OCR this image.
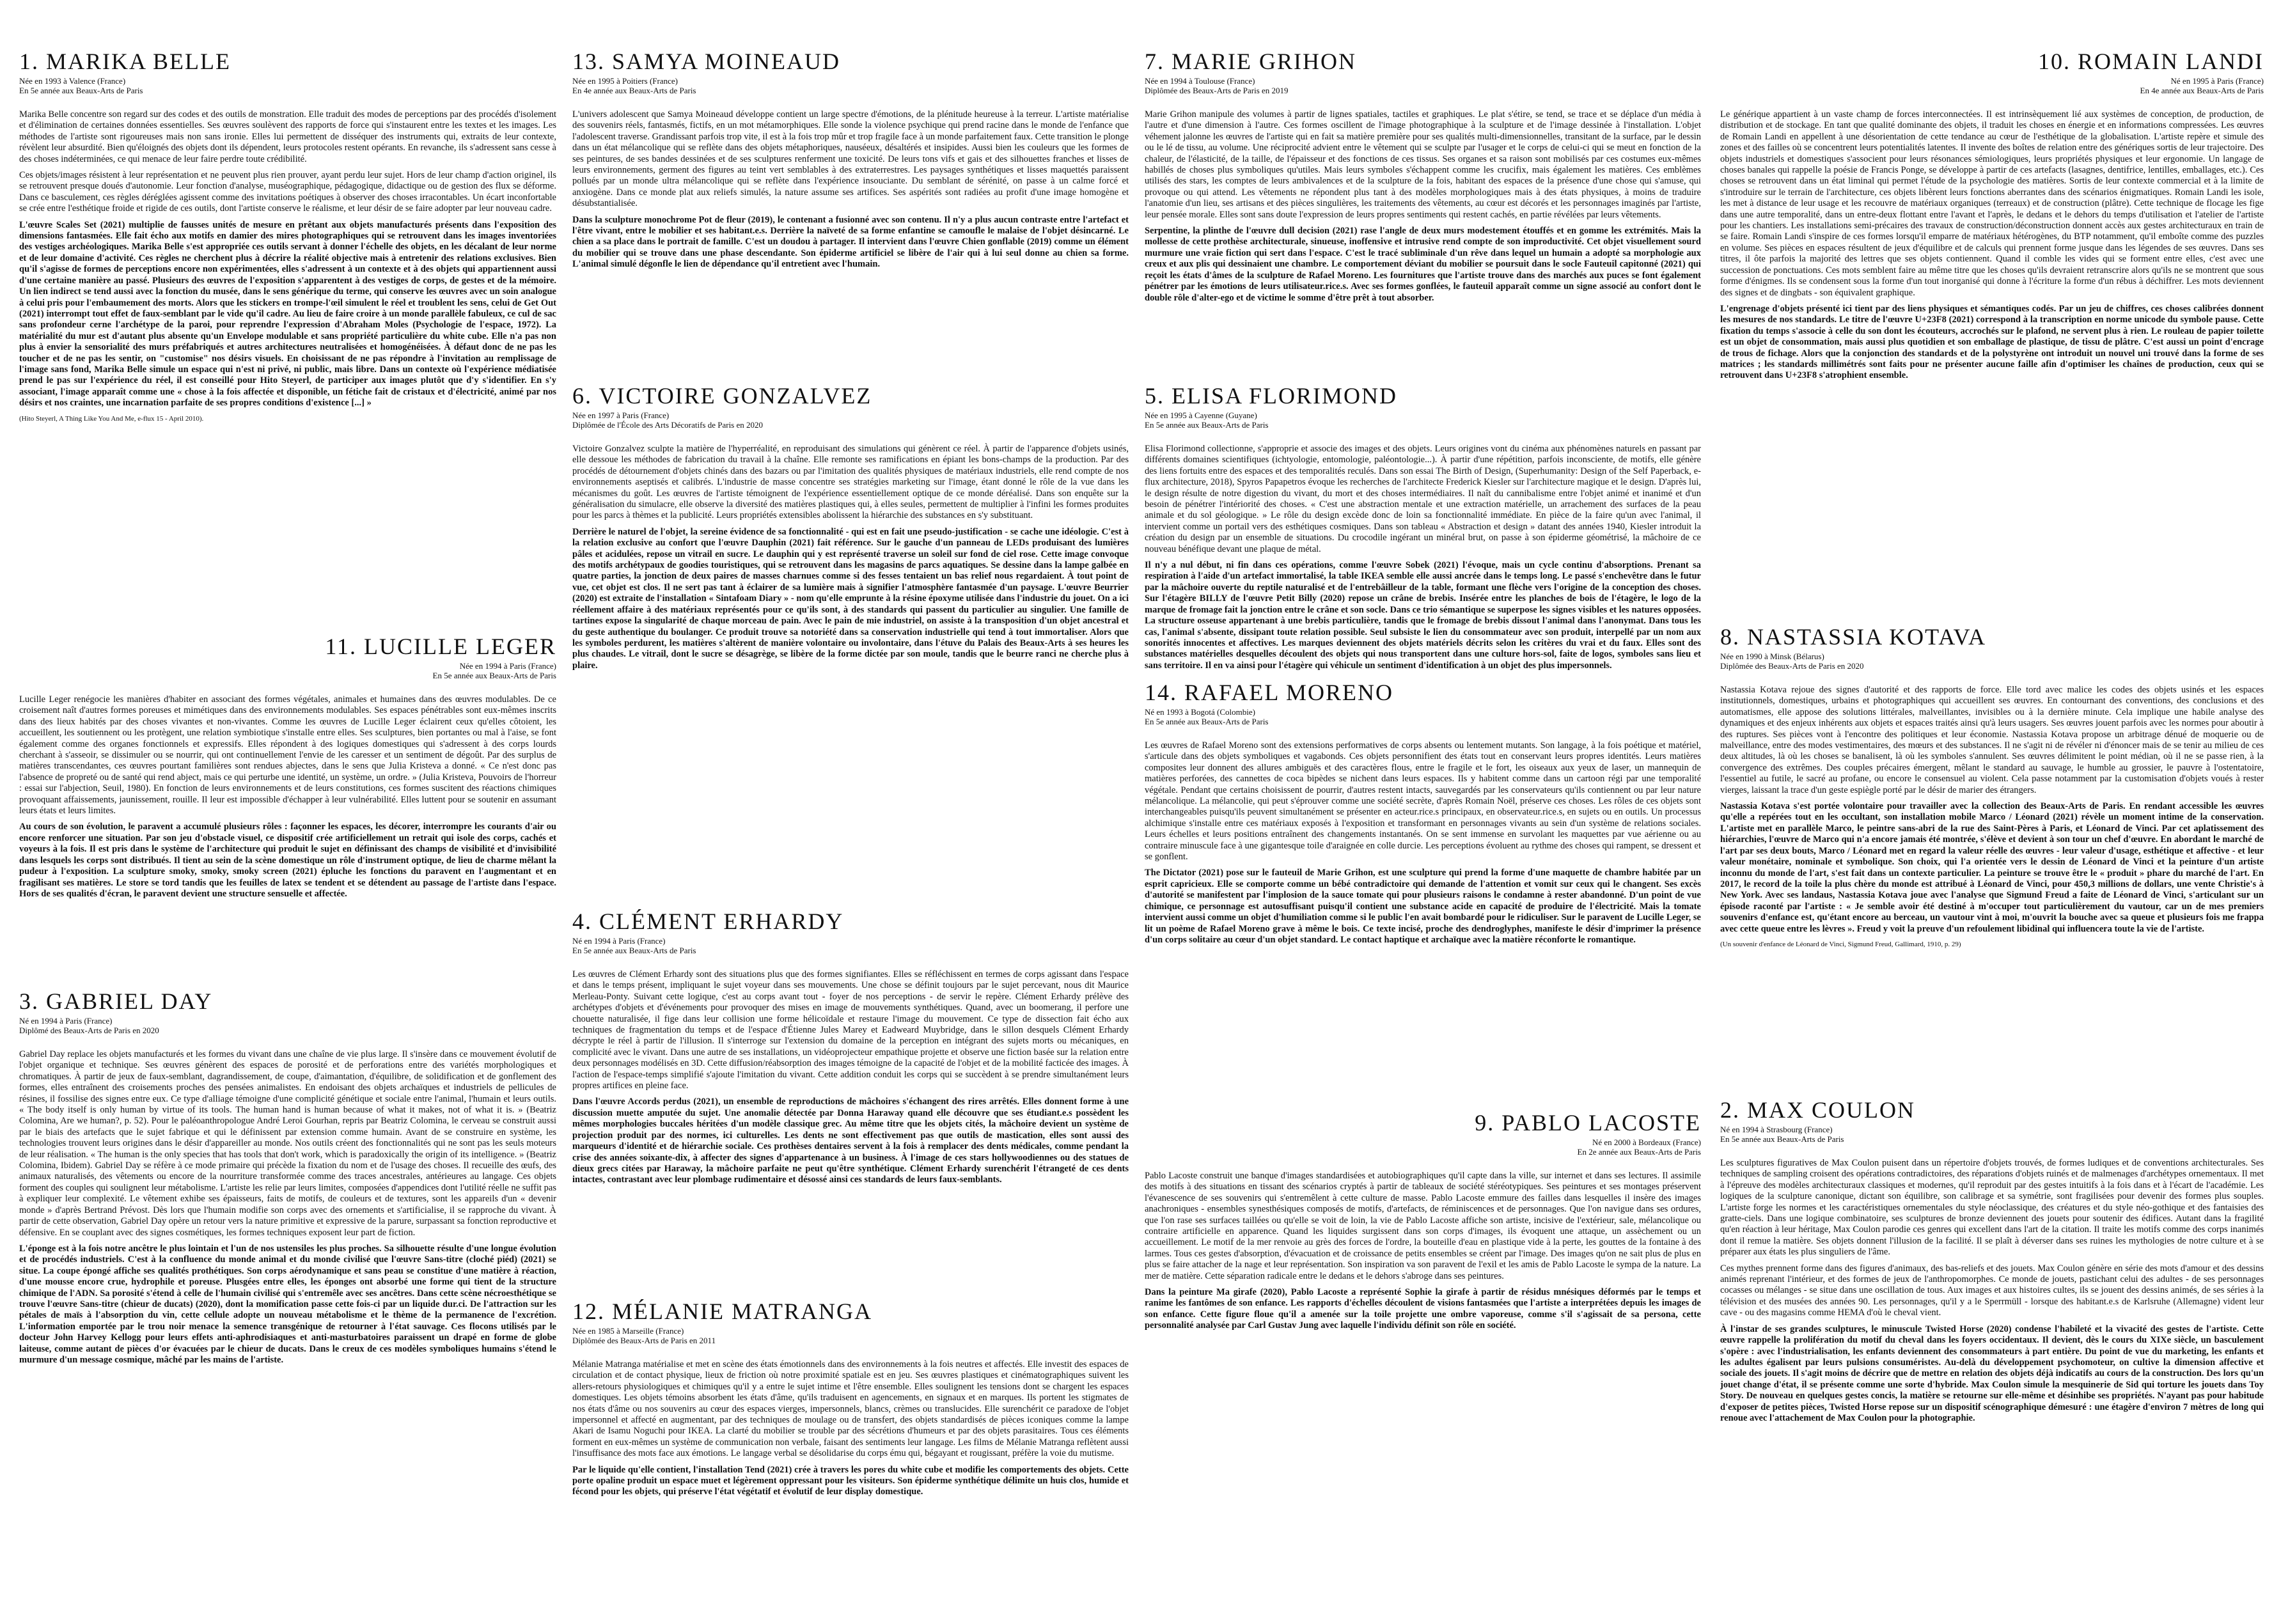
1. MARIKA BELLE
Née en 1993 à Valence (France)
En 5e année aux Beaux-Arts de Paris

Marika Belle concentre son regard sur des codes et des outils de monstration. Elle traduit des modes de perceptions par des procédés d'isolement et d'élimination de certaines données essentielles. Ses œuvres soulèvent des rapports de force qui s'instaurent entre les textes et les images. Les méthodes de l'artiste sont rigoureuses mais non sans ironie. Elles lui permettent de disséquer des instruments qui, extraits de leur contexte, révèlent leur absurdité. Bien qu'éloignés des objets dont ils dépendent, leurs protocoles restent opérants. En revanche, ils s'adressent sans cesse à des choses indéterminées, ce qui menace de leur faire perdre toute crédibilité.

Ces objets/images résistent à leur représentation et ne peuvent plus rien prouver, ayant perdu leur sujet. Hors de leur champ d'action originel, ils se retrouvent presque doués d'autonomie. Leur fonction d'analyse, muséographique, pédagogique, didactique ou de gestion des flux se déforme. Dans ce basculement, ces règles déréglées agissent comme des invitations poétiques à observer des choses irracontables. Un écart inconfortable se crée entre l'esthétique froide et rigide de ces outils, dont l'artiste conserve le réalisme, et leur désir de se faire adopter par leur nouveau cadre.

L'œuvre Scales Set (2021) multiplie de fausses unités de mesure en prêtant aux objets manufacturés présents dans l'exposition des dimensions fantasmées. Elle fait écho aux motifs en damier des mires photographiques qui se retrouvent dans les images inventoriées des vestiges archéologiques. Marika Belle s'est appropriée ces outils servant à donner l'échelle des objets, en les décalant de leur norme et de leur domaine d'activité. Ces règles ne cherchent plus à décrire la réalité objective mais à entretenir des relations exclusives. Bien qu'il s'agisse de formes de perceptions encore non expérimentées, elles s'adressent à un contexte et à des objets qui appartiennent aussi d'une certaine manière au passé. Plusieurs des œuvres de l'exposition s'apparentent à des vestiges de corps, de gestes et de la mémoire. Un lien indirect se tend aussi avec la fonction du musée, dans le sens générique du terme, qui conserve les œuvres avec un soin analogue à celui pris pour l'embaumement des morts. Alors que les stickers en trompe-l'œil simulent le réel et troublent les sens, celui de Get Out (2021) interrompt tout effet de faux-semblant par le vide qu'il cadre. Au lieu de faire croire à un monde parallèle fabuleux, ce cul de sac sans profondeur cerne l'archétype de la paroi, pour reprendre l'expression d'Abraham Moles (Psychologie de l'espace, 1972). La matérialité du mur est d'autant plus absente qu'un Envelope modulable et sans propriété particulière du white cube. Elle n'a pas non plus à envier la sensorialité des murs préfabriqués et autres architectures neutralisées et homogénéisées. À défaut donc de ne pas les toucher et de ne pas les sentir, on "customise" nos désirs visuels. En choisissant de ne pas répondre à l'invitation au remplissage de l'image sans fond, Marika Belle simule un espace qui n'est ni privé, ni public, mais libre. Dans un contexte où l'expérience médiatisée prend le pas sur l'expérience du réel, il est conseillé pour Hito Steyerl, de participer aux images plutôt que d'y s'identifier. En s'y associant, l'image apparaît comme une « chose à la fois affectée et disponible, un fétiche fait de cristaux et d'électricité, animé par nos désirs et nos craintes, une incarnation parfaite de ses propres conditions d'existence [...] »

(Hito Steyerl, A Thing Like You And Me, e-flux 15 - April 2010).

11. LUCILLE LEGER
Née en 1994 à Paris (France)
En 5e année aux Beaux-Arts de Paris

Lucille Leger renégocie les manières d'habiter en associant des formes végétales, animales et humaines dans des œuvres modulables. De ce croisement naît d'autres formes poreuses et mimétiques dans des environnements modulables. Ses espaces pénétrables sont eux-mêmes inscrits dans des lieux habités par des choses vivantes et non-vivantes. Comme les œuvres de Lucille Leger éclairent ceux qu'elles côtoient, les accueillent, les soutiennent ou les protègent, une relation symbiotique s'installe entre elles. Ses sculptures, bien portantes ou mal à l'aise, se font également comme des organes fonctionnels et expressifs. Elles répondent à des logiques domestiques qui s'adressent à des corps lourds cherchant à s'asseoir, se dissimuler ou se nourrir, qui ont continuellement l'envie de les caresser et un sentiment de dégoût. Par des surplus de matières transcendantes, ces œuvres pourtant familières sont rendues abjectes, dans le sens que Julia Kristeva a donné. « Ce n'est donc pas l'absence de propreté ou de santé qui rend abject, mais ce qui perturbe une identité, un système, un ordre. » (Julia Kristeva, Pouvoirs de l'horreur : essai sur l'abjection, Seuil, 1980). En fonction de leurs environnements et de leurs constitutions, ces formes suscitent des réactions chimiques provoquant affaissements, jaunissement, rouille. Il leur est impossible d'échapper à leur vulnérabilité. Elles luttent pour se soutenir en assumant leurs états et leurs limites.

Au cours de son évolution, le paravent a accumulé plusieurs rôles : façonner les espaces, les décorer, interrompre les courants d'air ou encore renforcer une situation. Par son jeu d'obstacle visuel, ce dispositif crée artificiellement un retrait qui isole des corps, cachés et voyeurs à la fois. Il est pris dans le système de l'architecture qui produit le sujet en définissant des champs de visibilité et d'invisibilité dans lesquels les corps sont distribués. Il tient au sein de la scène domestique un rôle d'instrument optique, de lieu de charme mêlant la pudeur à l'exposition. La sculpture smoky, smoky, smoky screen (2021) épluche les fonctions du paravent en l'augmentant et en fragilisant ses matières. Le store se tord tandis que les feuilles de latex se tendent et se détendent au passage de l'artiste dans l'espace. Hors de ses qualités d'écran, le paravent devient une structure sensuelle et affectée.

3. GABRIEL DAY
Né en 1994 à Paris (France)
Diplômé des Beaux-Arts de Paris en 2020

Gabriel Day replace les objets manufacturés et les formes du vivant dans une chaîne de vie plus large. Il s'insère dans ce mouvement évolutif de l'objet organique et technique. Ses œuvres génèrent des espaces de porosité et de perforations entre des variétés morphologiques et chromatiques. À partir de jeux de faux-semblant, dagrandissement, de coupe, d'aimantation, d'équilibre, de solidification et de gonflement des formes, elles entraînent des croisements proches des pensées animalistes. En endoisant des objets archaïques et industriels de pellicules de résines, il fossilise des signes entre eux. Ce type d'alliage témoigne d'une complicité génétique et sociale entre l'animal, l'humain et leurs outils. « The body itself is only human by virtue of its tools. The human hand is human because of what it makes, not of what it is. » (Beatriz Colomina, Are we human?, p. 52). Pour le paléoanthropologue André Leroi Gourhan, repris par Beatriz Colomina, le cerveau se construit aussi par le biais des artefacts que le sujet fabrique et qui le définissent par extension comme humain. Avant de se construire en système, les technologies trouvent leurs origines dans le désir d'appareiller au monde. Nos outils créent des fonctionnalités qui ne sont pas les seuls moteurs de leur réalisation. « The human is the only species that has tools that don't work, which is paradoxically the origin of its intelligence. » (Beatriz Colomina, Ibidem). Gabriel Day se réfère à ce mode primaire qui précède la fixation du nom et de l'usage des choses. Il recueille des œufs, des animaux naturalisés, des vêtements ou encore de la nourriture transformée comme des traces ancestrales, antérieures au langage. Ces objets forment des couples qui soulignent leur métabolisme. L'artiste les relie par leurs limites, composées d'appendices dont l'utilité réelle ne suffit pas à expliquer leur complexité. Le vêtement exhibe ses épaisseurs, faits de motifs, de couleurs et de textures, sont les appareils d'un « devenir monde » d'après Bertrand Prévost. Dès lors que l'humain modifie son corps avec des ornements et s'artificialise, il se rapproche du vivant. À partir de cette observation, Gabriel Day opère un retour vers la nature primitive et expressive de la parure, surpassant sa fonction reproductive et défensive. En se couplant avec des signes cosmétiques, les formes techniques exposent leur part de fiction.

L'éponge est à la fois notre ancêtre le plus lointain et l'un de nos ustensiles les plus proches. Sa silhouette résulte d'une longue évolution et de procédés industriels. C'est à la confluence du monde animal et du monde civilisé que l'œuvre Sans-titre (cloché piéd) (2021) se situe. La coupe épongé affiche ses qualités prothétiques. Son corps aérodynamique et sans peau se constitue d'une matière à réaction, d'une mousse encore crue, hydrophile et poreuse. Plusgées entre elles, les éponges ont absorbé une forme qui tient de la structure chimique de l'ADN. Sa porosité s'étend à celle de l'humain civilisé qui s'entremêle avec ses ancêtres. Dans cette scène nécroesthétique se trouve l'œuvre Sans-titre (chieur de ducats) (2020), dont la momification passe cette fois-ci par un liquide dur.ci. De l'attraction sur les pétales de maïs à l'absorption du vin, cette cellule adopte un nouveau métabolisme et le thème de la permanence de l'excrétion. L'information emportée par le trou noir menace la semence transgénique de retourner à l'état sauvage. Ces flocons utilisés par le docteur John Harvey Kellogg pour leurs effets anti-aphrodisiaques et anti-masturbatoires paraissent un drapé en forme de globe laiteuse, comme autant de pièces d'or évacuées par le chieur de ducats. Dans le creux de ces modèles symboliques humains s'étend le murmure d'un message cosmique, mâché par les mains de l'artiste.

13. SAMYA MOINEAUD
Née en 1995 à Poitiers (France)
En 4e année aux Beaux-Arts de Paris

L'univers adolescent que Samya Moineaud développe contient un large spectre d'émotions, de la plénitude heureuse à la terreur. L'artiste matérialise des souvenirs réels, fantasmés, fictifs, en un mot métamorphiques. Elle sonde la violence psychique qui prend racine dans le monde de l'enfance que l'adolescent traverse. Grandissant parfois trop vite, il est à la fois trop mûr et trop fragile face à un monde parfaitement faux. Cette transition le plonge dans un état mélancolique qui se reflète dans des objets métaphoriques, nauséeux, désaltérés et insipides. Aussi bien les couleurs que les formes de ses peintures, de ses bandes dessinées et de ses sculptures renferment une toxicité. De leurs tons vifs et gais et des silhouettes franches et lisses de leurs environnements, germent des figures au teint vert semblables à des extraterrestres. Les paysages synthétiques et lisses maquettés paraissent pollués par un monde ultra mélancolique qui se reflète dans l'expérience insouciante. Du semblant de sérénité, on passe à un calme forcé et anxiogène. Dans ce monde plat aux reliefs simulés, la nature assume ses artifices. Ses aspérités sont radiées au profit d'une image homogène et désubstantialisée.

Dans la sculpture monochrome Pot de fleur (2019), le contenant a fusionné avec son contenu. Il n'y a plus aucun contraste entre l'artefact et l'être vivant, entre le mobilier et ses habitant.e.s. Derrière la naïveté de sa forme enfantine se camoufle le malaise de l'objet désincarné. Le chien a sa place dans le portrait de famille. C'est un doudou à partager. Il intervient dans l'œuvre Chien gonflable (2019) comme un élément du mobilier qui se trouve dans une phase descendante. Son épiderme artificiel se libère de l'air qui à lui seul donne au chien sa forme. L'animal simulé dégonfle le lien de dépendance qu'il entretient avec l'humain.

6. VICTOIRE GONZALVEZ
Née en 1997 à Paris (France)
Diplômée de l'École des Arts Décoratifs de Paris en 2020

Victoire Gonzalvez sculpte la matière de l'hyperréalité, en reproduisant des simulations qui génèrent ce réel. À partir de l'apparence d'objets usinés, elle dessoue les méthodes de fabrication du travail à la chaîne. Elle remonte ses ramifications en épiant les bons-champs de la production. Par des procédés de détournement d'objets chinés dans des bazars ou par l'imitation des qualités physiques de matériaux industriels, elle rend compte de nos environnements aseptisés et calibrés. L'industrie de masse concentre ses stratégies marketing sur l'image, étant donné le rôle de la vue dans les mécanismes du goût. Les œuvres de l'artiste témoignent de l'expérience essentiellement optique de ce monde déréalisé. Dans son enquête sur la généralisation du simulacre, elle observe la diversité des matières plastiques qui, à elles seules, permettent de multiplier à l'infini les formes produites pour les parcs à thèmes et la publicité. Leurs propriétés extensibles abolissent la hiérarchie des substances en s'y substituant.

Derrière le naturel de l'objet, la sereine évidence de sa fonctionnalité - qui est en fait une pseudo-justification - se cache une idéologie. C'est à la relation exclusive au confort que l'œuvre Dauphin (2021) fait référence. Sur le gauche d'un panneau de LEDs produisant des lumières pâles et acidulées, repose un vitrail en sucre. Le dauphin qui y est représenté traverse un soleil sur fond de ciel rose. Cette image convoque des motifs archétypaux de goodies touristiques, qui se retrouvent dans les magasins de parcs aquatiques. Se dessine dans la lampe galbée en quatre parties, la jonction de deux paires de masses charnues comme si des fesses tentaient un bas relief nous regardaient. À tout point de vue, cet objet est clos. Il ne sert pas tant à éclairer de sa lumière mais à signifier l'atmosphère fantasmée d'un paysage. L'œuvre Beurrier (2020) est extraite de l'installation « Sintafoam Diary » - nom qu'elle emprunte à la résine époxyme utilisée dans l'industrie du jouet. On a ici réellement affaire à des matériaux représentés pour ce qu'ils sont, à des standards qui passent du particulier au singulier. Une famille de tartines expose la singularité de chaque morceau de pain. Avec le pain de mie industriel, on assiste à la transposition d'un objet ancestral et du geste authentique du boulanger. Ce produit trouve sa notoriété dans sa conservation industrielle qui tend à tout immortaliser. Alors que les symboles perdurent, les matières s'altèrent de manière volontaire ou involontaire, dans l'étuve du Palais des Beaux-Arts à ses heures les plus chaudes. Le vitrail, dont le sucre se désagrège, se libère de la forme dictée par son moule, tandis que le beurre ranci ne cherche plus à plaire.

4. CLÉMENT ERHARDY
Né en 1994 à Paris (France)
En 5e année aux Beaux-Arts de Paris

Les œuvres de Clément Erhardy sont des situations plus que des formes signifiantes. Elles se réfléchissent en termes de corps agissant dans l'espace et dans le temps présent, impliquant le sujet voyeur dans ses mouvements. Une chose se définit toujours par le sujet percevant, nous dit Maurice Merleau-Ponty. Suivant cette logique, c'est au corps avant tout - foyer de nos perceptions - de servir le repère. Clément Erhardy prélève des archétypes d'objets et d'événements pour provoquer des mises en image de mouvements synthétiques. Quand, avec un boomerang, il perfore une chouette naturalisée, il fige dans leur collision une forme hélicoïdale et restaure l'image du mouvement. Ce type de dissection fait écho aux techniques de fragmentation du temps et de l'espace d'Étienne Jules Marey et Eadweard Muybridge, dans le sillon desquels Clément Erhardy décrypte le réel à partir de l'illusion. Il s'interroge sur l'extension du domaine de la perception en intégrant des sujets morts ou mécaniques, en complicité avec le vivant. Dans une autre de ses installations, un vidéoprojecteur empathique projette et observe une fiction basée sur la relation entre deux personnages modélisés en 3D. Cette diffusion/réabsorption des images témoigne de la capacité de l'objet et de la mobilité facticée des images. À l'action de l'espace-temps simplifié s'ajoute l'imitation du vivant. Cette addition conduit les corps qui se succèdent à se prendre simultanément leurs propres artifices en pleine face.

Dans l'œuvre Accords perdus (2021), un ensemble de reproductions de mâchoires s'échangent des rires arrêtés. Elles donnent forme à une discussion muette amputée du sujet. Une anomalie détectée par Donna Haraway quand elle découvre que ses étudiant.e.s possèdent les mêmes morphologies buccales héritées d'un modèle classique grec. Au même titre que les objets cités, la mâchoire devient un système de projection produit par des normes, ici culturelles. Les dents ne sont effectivement pas que outils de mastication, elles sont aussi des marqueurs d'identité et de hiérarchie sociale. Ces prothèses dentaires servent à la fois à remplacer des dents médicales, comme pendant la crise des années soixante-dix, à affecter des signes d'appartenance à un business. À l'image de ces stars hollywoodiennes ou des statues de dieux grecs citées par Haraway, la mâchoire parfaite ne peut qu'être synthétique. Clément Erhardy surenchérit l'étrangeté de ces dents intactes, contrastant avec leur plombage rudimentaire et désossé ainsi ces standards de leurs faux-semblants.

12. MÉLANIE MATRANGA
Née en 1985 à Marseille (France)
Diplômée des Beaux-Arts de Paris en 2011

Mélanie Matranga matérialise et met en scène des états émotionnels dans des environnements à la fois neutres et affectés. Elle investit des espaces de circulation et de contact physique, lieux de friction où notre proximité spatiale est en jeu. Ses œuvres plastiques et cinématographiques suivent les allers-retours physiologiques et chimiques qu'il y a entre le sujet intime et l'être ensemble. Elles soulignent les tensions dont se chargent les espaces domestiques. Les objets témoins absorbent les états d'âme, qu'ils traduisent en agencements, en signaux et en marques. Ils portent les stigmates de nos états d'âme ou nos souvenirs au cœur des espaces vierges, impersonnels, blancs, crèmes ou translucides. Elle surenchérit ce paradoxe de l'objet impersonnel et affecté en augmentant, par des techniques de moulage ou de transfert, des objets standardisés de pièces iconiques comme la lampe Akari de Isamu Noguchi pour IKEA. La clarté du mobilier se trouble par des sécrétions d'humeurs et par des objets parasitaires. Tous ces éléments forment en eux-mêmes un système de communication non verbale, faisant des sentiments leur langage. Les films de Mélanie Matranga reflètent aussi l'insuffisance des mots face aux émotions. Le langage verbal se désolidarise du corps ému qui, bégayant et rougissant, préfère la voie du mutisme.

Par le liquide qu'elle contient, l'installation Tend (2021) crée à travers les pores du white cube et modifie les comportements des objets. Cette porte opaline produit un espace muet et légèrement oppressant pour les visiteurs. Son épiderme synthétique délimite un huis clos, humide et fécond pour les objets, qui préserve l'état végétatif et évolutif de leur display domestique.

7. MARIE GRIHON
Née en 1994 à Toulouse (France)
Diplômée des Beaux-Arts de Paris en 2019

Marie Grihon manipule des volumes à partir de lignes spatiales, tactiles et graphiques. Le plat s'étire, se tend, se trace et se déplace d'un média à l'autre et d'une dimension à l'autre. Ces formes oscillent de l'image photographique à la sculpture et de l'image dessinée à l'installation. L'objet véhement jalonne les œuvres de l'artiste qui en fait sa matière première pour ses qualités multi-dimensionnelles, transitant de la surface, par le dessin ou le lé de tissu, au volume. Une réciprocité advient entre le vêtement qui se sculpte par l'usager et le corps de celui-ci qui se meut en fonction de la chaleur, de l'élasticité, de la taille, de l'épaisseur et des fonctions de ces tissus. Ses organes et sa raison sont mobilisés par ces costumes eux-mêmes habillés de choses plus symboliques qu'utiles. Mais leurs symboles s'échappent comme les crucifix, mais également les matières. Ces emblèmes utilisés des stars, les comptes de leurs ambivalences et de la sculpture de la fois, habitant des espaces de la présence d'une chose qui s'amuse, qui provoque ou qui attend. Les vêtements ne répondent plus tant à des modèles morphologiques mais à des états physiques, à moins de traduire l'anatomie d'un lieu, ses artisans et des pièces singulières, les traitements des vêtements, au cœur est décorés et les personnages imaginés par l'artiste, leur pensée morale. Elles sont sans doute l'expression de leurs propres sentiments qui restent cachés, en partie révélées par leurs vêtements.

Serpentine, la plinthe de l'œuvre dull decision (2021) rase l'angle de deux murs modestement étouffés et en gomme les extrémités. Mais la mollesse de cette prothèse architecturale, sinueuse, inoffensive et intrusive rend compte de son improductivité. Cet objet visuellement sourd murmure une vraie fiction qui sert dans l'espace. C'est le tracé subliminale d'un rêve dans lequel un humain a adopté sa morphologie aux creux et aux plis qui dessinaient une chambre. Le comportement déviant du mobilier se poursuit dans le socle Fauteuil capitonné (2021) qui reçoit les états d'âmes de la sculpture de Rafael Moreno. Les fournitures que l'artiste trouve dans des marchés aux puces se font également pénétrer par les émotions de leurs utilisateur.rice.s. Avec ses formes gonflées, le fauteuil apparaît comme un signe associé au confort dont le double rôle d'alter-ego et de victime le somme d'être prêt à tout absorber.

5. ELISA FLORIMOND
Née en 1995 à Cayenne (Guyane)
En 5e année aux Beaux-Arts de Paris

Elisa Florimond collectionne, s'approprie et associe des images et des objets. Leurs origines vont du cinéma aux phénomènes naturels en passant par différents domaines scientifiques (ichtyologie, entomologie, paléontologie...). À partir d'une répétition, parfois inconsciente, de motifs, elle génère des liens fortuits entre des espaces et des temporalités reculés. Dans son essai The Birth of Design, (Superhumanity: Design of the Self Paperback, e-flux architecture, 2018), Spyros Papapetros évoque les recherches de l'architecte Frederick Kiesler sur l'architecture magique et le design. D'après lui, le design résulte de notre digestion du vivant, du mort et des choses intermédiaires. Il naît du cannibalisme entre l'objet animé et inanimé et d'un besoin de pénétrer l'intériorité des choses. « C'est une abstraction mentale et une extraction matérielle, un arrachement des surfaces de la peau animale et du sol géologique. » Le rôle du design excède donc de loin sa fonctionnalité immédiate. En pièce de la faire qu'un avec l'animal, il intervient comme un portail vers des esthétiques cosmiques. Dans son tableau « Abstraction et design » datant des années 1940, Kiesler introduit la création du design par un ensemble de situations. Du crocodile ingérant un minéral brut, on passe à son épiderme géométrisé, la mâchoire de ce nouveau bénéfique devant une plaque de métal.

Il n'y a nul début, ni fin dans ces opérations, comme l'œuvre Sobek (2021) l'évoque, mais un cycle continu d'absorptions. Prenant sa respiration à l'aide d'un artefact immortalisé, la table IKEA semble elle aussi ancrée dans le temps long. Le passé s'enchevêtre dans le futur par la mâchoire ouverte du reptile naturalisé et de l'entrebâilleur de la table, formant une flèche vers l'origine de la conception des choses. Sur l'étagère BILLY de l'œuvre Petit Billy (2020) repose un crâne de brebis. Insérée entre les planches de bois de l'étagère, le logo de la marque de fromage fait la jonction entre le crâne et son socle. Dans ce trio sémantique se superpose les signes visibles et les natures opposées. La structure osseuse appartenant à une brebis particulière, tandis que le fromage de brebis dissout l'animal dans l'anonymat. Dans tous les cas, l'animal s'absente, dissipant toute relation possible. Seul subsiste le lien du consommateur avec son produit, interpellé par un nom aux sonorités innocentes et affectives. Les marques deviennent des objets matériels décrits selon les critères du vrai et du faux. Elles sont des substances matérielles desquelles découlent des objets qui nous transportent dans une culture hors-sol, faite de logos, symboles sans lieu et sans territoire. Il en va ainsi pour l'étagère qui véhicule un sentiment d'identification à un objet des plus impersonnels.

14. RAFAEL MORENO
Né en 1993 à Bogotá (Colombie)
En 5e année aux Beaux-Arts de Paris

Les œuvres de Rafael Moreno sont des extensions performatives de corps absents ou lentement mutants. Son langage, à la fois poétique et matériel, s'articule dans des objets symboliques et vagabonds. Ces objets personnifient des états tout en conservant leurs propres identités. Leurs matières composites leur donnent des allures ambiguës et des caractères flous, entre le fragile et le fort, les oiseaux aux yeux de laser, un mannequin de matières perforées, des cannettes de coca bipèdes se nichent dans leurs espaces. Ils y habitent comme dans un cartoon régi par une temporalité végétale. Pendant que certains choisissent de pourrir, d'autres restent intacts, sauvegardés par les conservateurs qu'ils contiennent ou par leur nature mélancolique. La mélancolie, qui peut s'éprouver comme une société secrète, d'après Romain Noël, préserve ces choses. Les rôles de ces objets sont interchangeables puisqu'ils peuvent simultanément se présenter en acteur.rice.s principaux, en observateur.rice.s, en sujets ou en outils. Un processus alchimique s'installe entre ces matériaux exposés à l'exposition et transformant en personnages vivants au sein d'un système de relations sociales. Leurs échelles et leurs positions entraînent des changements instantanés. On se sent immense en survolant les maquettes par vue aérienne ou au contraire minuscule face à une gigantesque toile d'araignée en colle durcie. Les perceptions évoluent au rythme des choses qui rampent, se dressent et se gonflent.

The Dictator (2021) pose sur le fauteuil de Marie Grihon, est une sculpture qui prend la forme d'une maquette de chambre habitée par un esprit capricieux. Elle se comporte comme un bébé contradictoire qui demande de l'attention et vomit sur ceux qui le changent. Ses excès d'autorité se manifestent par l'implosion de la sauce tomate qui pour plusieurs raisons le condamne à rester abandonné. D'un point de vue chimique, ce personnage est autosuffisant puisqu'il contient une substance acide en capacité de produire de l'électricité. Mais la tomate intervient aussi comme un objet d'humiliation comme si le public l'en avait bombardé pour le ridiculiser. Sur le paravent de Lucille Leger, se lit un poème de Rafael Moreno grave à même le bois. Ce texte incisé, proche des dendroglyphes, manifeste le désir d'imprimer la présence d'un corps solitaire au cœur d'un objet standard. Le contact haptique et archaïque avec la matière réconforte le romantique.

9. PABLO LACOSTE
Né en 2000 à Bordeaux (France)
En 2e année aux Beaux-Arts de Paris

Pablo Lacoste construit une banque d'images standardisées et autobiographiques qu'il capte dans la ville, sur internet et dans ses lectures. Il assimile des motifs à des situations en tissant des scénarios cryptés à partir de tableaux de société stéréotypiques. Ses peintures et ses montages préservent l'évanescence de ses souvenirs qui s'entremêlent à cette culture de masse. Pablo Lacoste emmure des failles dans lesquelles il insère des images anachroniques - ensembles synesthésiques composés de motifs, d'artefacts, de réminiscences et de personnages. Que l'on navigue dans ses ordures, que l'on rase ses surfaces taillées ou qu'elle se voit de loin, la vie de Pablo Lacoste affiche son artiste, incisive de l'extérieur, sale, mélancolique ou contraire artificielle en apparence. Quand les liquides surgissent dans son corps d'images, ils évoquent une attaque, un assèchement ou un accueillement. Le motif de la mer renvoie au grès des forces de l'ordre, la bouteille d'eau en plastique vide à la perte, les gouttes de la fontaine à des larmes. Tous ces gestes d'absorption, d'évacuation et de croissance de petits ensembles se créent par l'image. Des images qu'on ne sait plus de plus en plus se faire attacher de la nage et leur représentation. Son inspiration va son paravent de l'exil et les amis de Pablo Lacoste le sympa de la nature. La mer de matière. Cette séparation radicale entre le dedans et le dehors s'abroge dans ses peintures.

Dans la peinture Ma girafe (2020), Pablo Lacoste a représenté Sophie la girafe à partir de résidus mnésiques déformés par le temps et ranime les fantômes de son enfance. Les rapports d'échelles découlent de visions fantasmées que l'artiste a interprétées depuis les images de son enfance. Cette figure floue qu'il a amenée sur la toile projette une ombre vaporeuse, comme s'il s'agissait de sa persona, cette personnalité analysée par Carl Gustav Jung avec laquelle l'individu définit son rôle en société.

10. ROMAIN LANDI
Né en 1995 à Paris (France)
En 4e année aux Beaux-Arts de Paris

Le générique appartient à un vaste champ de forces interconnectées. Il est intrinsèquement lié aux systèmes de conception, de production, de distribution et de stockage. En tant que qualité dominante des objets, il traduit les choses en énergie et en informations compressées. Les œuvres de Romain Landi en appellent à une désorientation de cette tendance au cœur de l'esthétique de la globalisation. L'artiste repère et simule des zones et des failles où se concentrent leurs potentialités latentes. Il invente des boîtes de relation entre des génériques sortis de leur trajectoire. Des objets industriels et domestiques s'associent pour leurs résonances sémiologiques, leurs propriétés physiques et leur ergonomie. Un langage de choses banales qui rappelle la poésie de Francis Ponge, se développe à partir de ces artefacts (lasagnes, dentifrice, lentilles, emballages, etc.). Ces choses se retrouvent dans un état liminal qui permet l'étude de la psychologie des matières. Sortis de leur contexte commercial et à la limite de s'introduire sur le terrain de l'architecture, ces objets libèrent leurs fonctions aberrantes dans des scénarios énigmatiques. Romain Landi les isole, les met à distance de leur usage et les recouvre de matériaux organiques (terreaux) et de construction (plâtre). Cette technique de flocage les fige dans une autre temporalité, dans un entre-deux flottant entre l'avant et l'après, le dedans et le dehors du temps d'utilisation et l'atelier de l'artiste pour les chantiers. Les installations semi-précaires des travaux de construction/déconstruction donnent accès aux gestes architecturaux en train de se faire. Romain Landi s'inspire de ces formes lorsqu'il emparre de matériaux hétérogènes, du BTP notamment, qu'il emboîte comme des puzzles en volume. Ses pièces en espaces résultent de jeux d'équilibre et de calculs qui prennent forme jusque dans les légendes de ses œuvres. Dans ses titres, il ôte parfois la majorité des lettres que ses objets contiennent. Quand il comble les vides qui se forment entre elles, c'est avec une succession de ponctuations. Ces mots semblent faire au même titre que les choses qu'ils devraient retranscrire alors qu'ils ne se montrent que sous forme d'énigmes. Ils se condensent sous la forme d'un tout inorganisé qui donne à l'écriture la forme d'un rébus à déchiffrer. Les mots deviennent des signes et de dingbats - son équivalent graphique.

L'engrenage d'objets présenté ici tient par des liens physiques et sémantiques codés. Par un jeu de chiffres, ces choses calibrées donnent les mesures de nos standards. Le titre de l'œuvre U+23F8 (2021) correspond à la transcription en norme unicode du symbole pause. Cette fixation du temps s'associe à celle du son dont les écouteurs, accrochés sur le plafond, ne servent plus à rien. Le rouleau de papier toilette est un objet de consommation, mais aussi plus quotidien et son emballage de plastique, de tissu de plâtre. C'est aussi un point d'encrage de trous de fichage. Alors que la conjonction des standards et de la polystyrène ont introduit un nouvel uni trouvé dans la forme de ses matrices ; les standards millimétrés sont faits pour ne présenter aucune faille afin d'optimiser les chaînes de production, ceux qui se retrouvent dans U+23F8 s'atrophient ensemble.

8. NASTASSIA KOTAVA
Née en 1990 à Minsk (Bélarus)
Diplômée des Beaux-Arts de Paris en 2020

Nastassia Kotava rejoue des signes d'autorité et des rapports de force. Elle tord avec malice les codes des objets usinés et les espaces institutionnels, domestiques, urbains et photographiques qui accueillent ses œuvres. En contournant des conventions, des conclusions et des automatismes, elle appose des solutions littérales, malveillantes, invisibles ou à la dernière minute. Cela implique une habile analyse des dynamiques et des enjeux inhérents aux objets et espaces traités ainsi qu'à leurs usagers. Ses œuvres jouent parfois avec les normes pour aboutir à des ruptures. Ses pièces vont à l'encontre des politiques et leur économie. Nastassia Kotava propose un arbitrage dénué de moquerie ou de malveillance, entre des modes vestimentaires, des mœurs et des substances. Il ne s'agit ni de révéler ni d'énoncer mais de se tenir au milieu de ces deux altitudes, là où les choses se banalisent, là où les symboles s'annulent. Ses œuvres délimitent le point médian, où il ne se passe rien, à la convergence des extrêmes. Des couples précaires émergent, mêlant le standard au sauvage, le humble au grossier, le pauvre à l'ostentatoire, l'essentiel au futile, le sacré au profane, ou encore le consensuel au violent. Cela passe notamment par la customisation d'objets voués à rester vierges, laissant la trace d'un geste espiègle porté par le désir de marier des étrangers.

Nastassia Kotava s'est portée volontaire pour travailler avec la collection des Beaux-Arts de Paris. En rendant accessible les œuvres qu'elle a repérées tout en les occultant, son installation mobile Marco / Léonard (2021) révèle un moment intime de la conservation. L'artiste met en parallèle Marco, le peintre sans-abri de la rue des Saint-Pères à Paris, et Léonard de Vinci. Par cet aplatissement des hiérarchies, l'œuvre de Marco qui n'a encore jamais été montrée, s'élève et devient à son tour un chef d'œuvre. En abordant le marché de l'art par ses deux bouts, Marco / Léonard met en regard la valeur réelle des œuvres - leur valeur d'usage, esthétique et affective - et leur valeur monétaire, nominale et symbolique. Son choix, qui l'a orientée vers le dessin de Léonard de Vinci et la peinture d'un artiste inconnu du monde de l'art, s'est fait dans un contexte particulier. La peinture se trouve être le « produit » phare du marché de l'art. En 2017, le record de la toile la plus chère du monde est attribué à Léonard de Vinci, pour 450,3 millions de dollars, une vente Christie's à New York. Avec ses landaus, Nastassia Kotava joue avec l'analyse que Sigmund Freud a faite de Léonard de Vinci, s'articulant sur un épisode raconté par l'artiste : « Je semble avoir été destiné à m'occuper tout particulièrement du vautour, car un de mes premiers souvenirs d'enfance est, qu'étant encore au berceau, un vautour vint à moi, m'ouvrit la bouche avec sa queue et plusieurs fois me frappa avec cette queue entre les lèvres ». Freud y voit la preuve d'un refoulement libidinal qui influencera toute la vie de l'artiste.

(Un souvenir d'enfance de Léonard de Vinci, Sigmund Freud, Gallimard, 1910, p. 29)

2. MAX COULON
Né en 1994 à Strasbourg (France)
En 5e année aux Beaux-Arts de Paris

Les sculptures figuratives de Max Coulon puisent dans un répertoire d'objets trouvés, de formes ludiques et de conventions architecturales. Ses techniques de sampling croisent des opérations contradictoires, des réparations d'objets ruinés et de malmenages d'archétypes ornementaux. Il met à l'épreuve des modèles architecturaux classiques et modernes, qu'il reproduit par des gestes intuitifs à la fois dans et à l'écart de l'académie. Les logiques de la sculpture canonique, dictant son équilibre, son calibrage et sa symétrie, sont fragilisées pour devenir des formes plus souples. L'artiste forge les normes et les caractéristiques ornementales du style néoclassique, des créatures et du style néo-gothique et des fantaisies des gratte-ciels. Dans une logique combinatoire, ses sculptures de bronze deviennent des jouets pour soutenir des édifices. Autant dans la fragilité qu'en réaction à leur héritage, Max Coulon parodie ces genres qui excellent dans l'art de la citation. Il traite les motifs comme des corps inanimés dont il remue la matière. Ses objets donnent l'illusion de la facilité. Il se plaît à déverser dans ses ruines les mythologies de notre culture et à se préparer aux états les plus singuliers de l'âme.

Ces mythes prennent forme dans des figures d'animaux, des bas-reliefs et des jouets. Max Coulon génère en série des mots d'amour et des dessins animés reprenant l'intérieur, et des formes de jeux de l'anthropomorphes. Ce monde de jouets, pastichant celui des adultes - de ses personnages cocasses ou mélanges - se situe dans une oscillation de tous. Aux images et aux histoires cultes, ils se jouent des dessins animés, de ses séries à la télévision et des musées des années 90. Les personnages, qu'il y a le Sperrmüll - lorsque des habitant.e.s de Karlsruhe (Allemagne) vident leur cave - ou des magasins comme HEMA d'où le cheval vient.

À l'instar de ses grandes sculptures, le minuscule Twisted Horse (2020) condense l'habileté et la vivacité des gestes de l'artiste. Cette œuvre rappelle la prolifération du motif du cheval dans les foyers occidentaux. Il devient, dès le cours du XIXe siècle, un basculement s'opère : avec l'industrialisation, les enfants deviennent des consommateurs à part entière. Du point de vue du marketing, les enfants et les adultes égalisent par leurs pulsions consuméristes. Au-delà du développement psychomoteur, on cultive la dimension affective et sociale des jouets. Il s'agit moins de décrire que de mettre en relation des objets déjà indicatifs au cours de la construction. Des lors qu'un jouet change d'état, il se présente comme une sorte d'hybride. Max Coulon simule la mesquinerie de Sid qui torture les jouets dans Toy Story. De nouveau en quelques gestes concis, la matière se retourne sur elle-même et désinhibe ses propriétés. N'ayant pas pour habitude d'exposer de petites pièces, Twisted Horse repose sur un dispositif scénographique démesuré : une étagère d'environ 7 mètres de long qui renoue avec l'attachement de Max Coulon pour la photographie.
